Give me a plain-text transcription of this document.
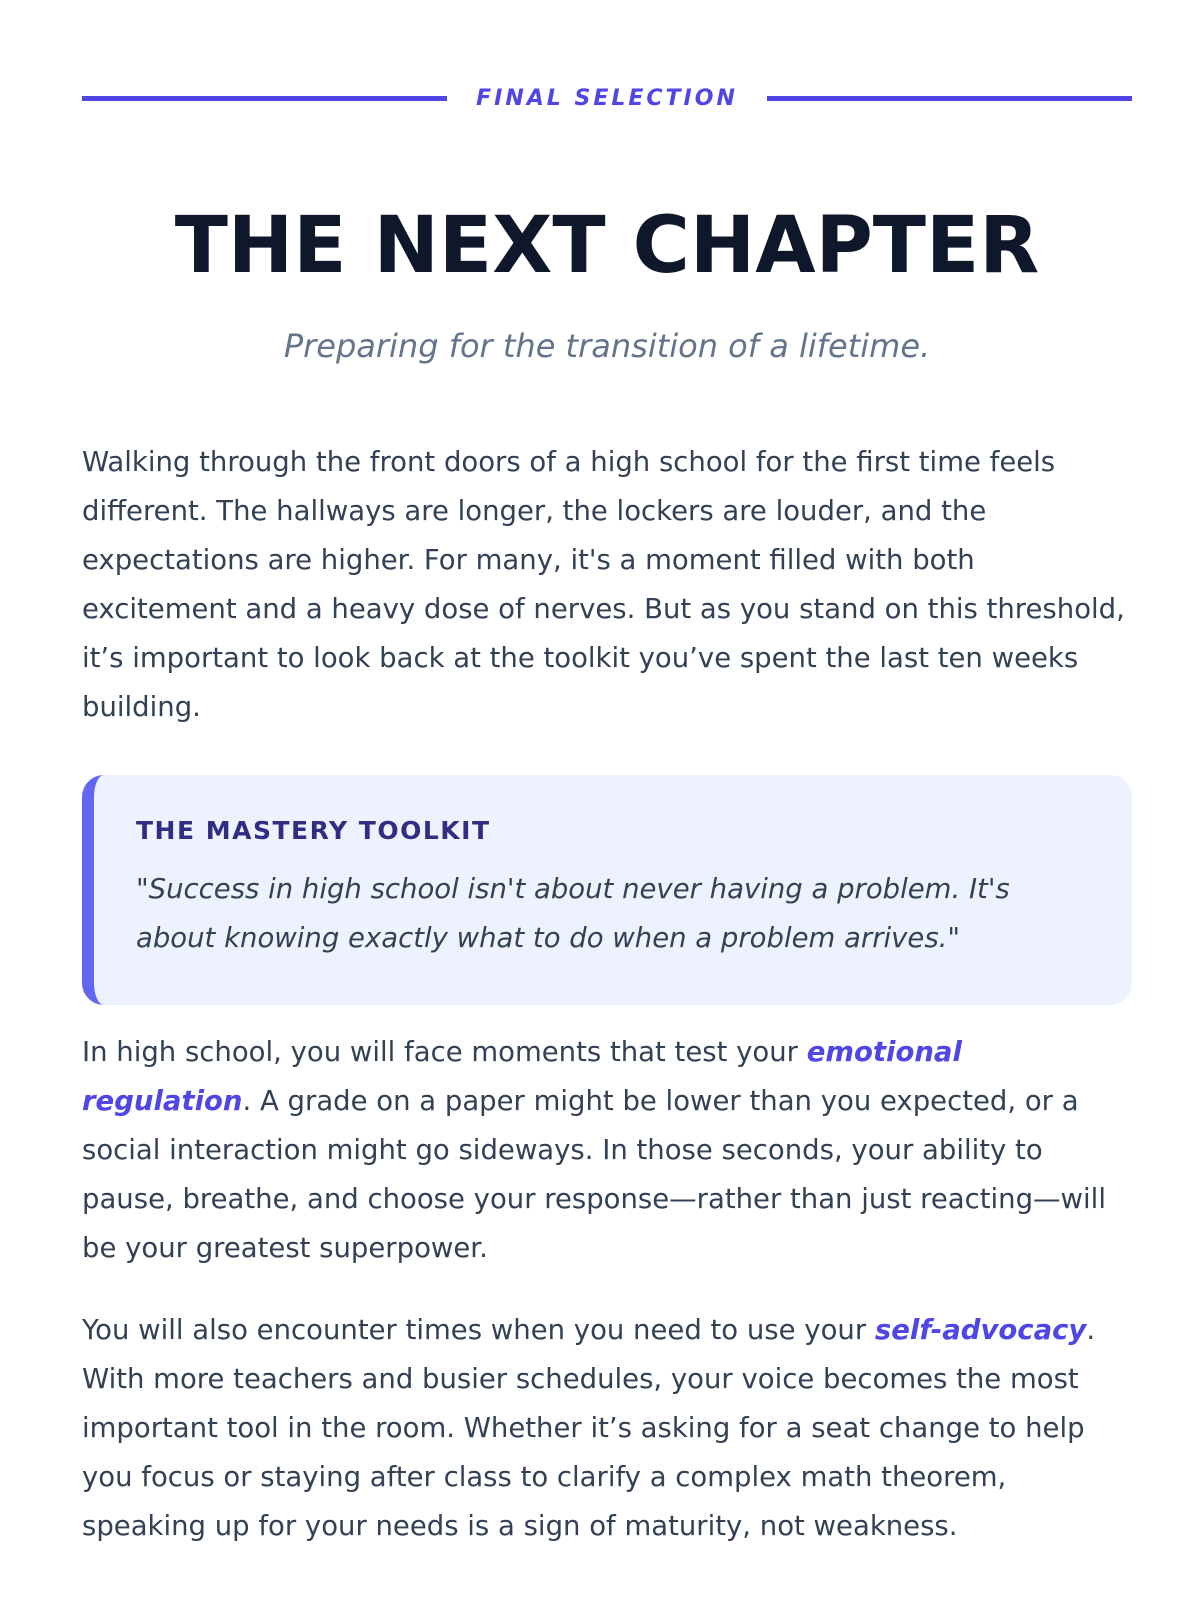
FINAL SELECTION
THE NEXT CHAPTER

Preparing for the transition of a lifetime.

Walking through the front doors of a high school for the first time feels different. The hallways are longer, the lockers are louder, and the expectations are higher. For many, it's a moment filled with both excitement and a heavy dose of nerves. But as you stand on this threshold, it’s important to look back at the toolkit you’ve spent the last ten weeks building.

THE MASTERY TOOLKIT

"Success in high school isn't about never having a problem. It's about knowing exactly what to do when a problem arrives."

In high school, you will face moments that test your emotional regulation. A grade on a paper might be lower than you expected, or a social interaction might go sideways. In those seconds, your ability to pause, breathe, and choose your response—rather than just reacting—will be your greatest superpower.

You will also encounter times when you need to use your self-advocacy. With more teachers and busier schedules, your voice becomes the most important tool in the room. Whether it’s asking for a seat change to help you focus or staying after class to clarify a complex math theorem, speaking up for your needs is a sign of maturity, not weakness.
